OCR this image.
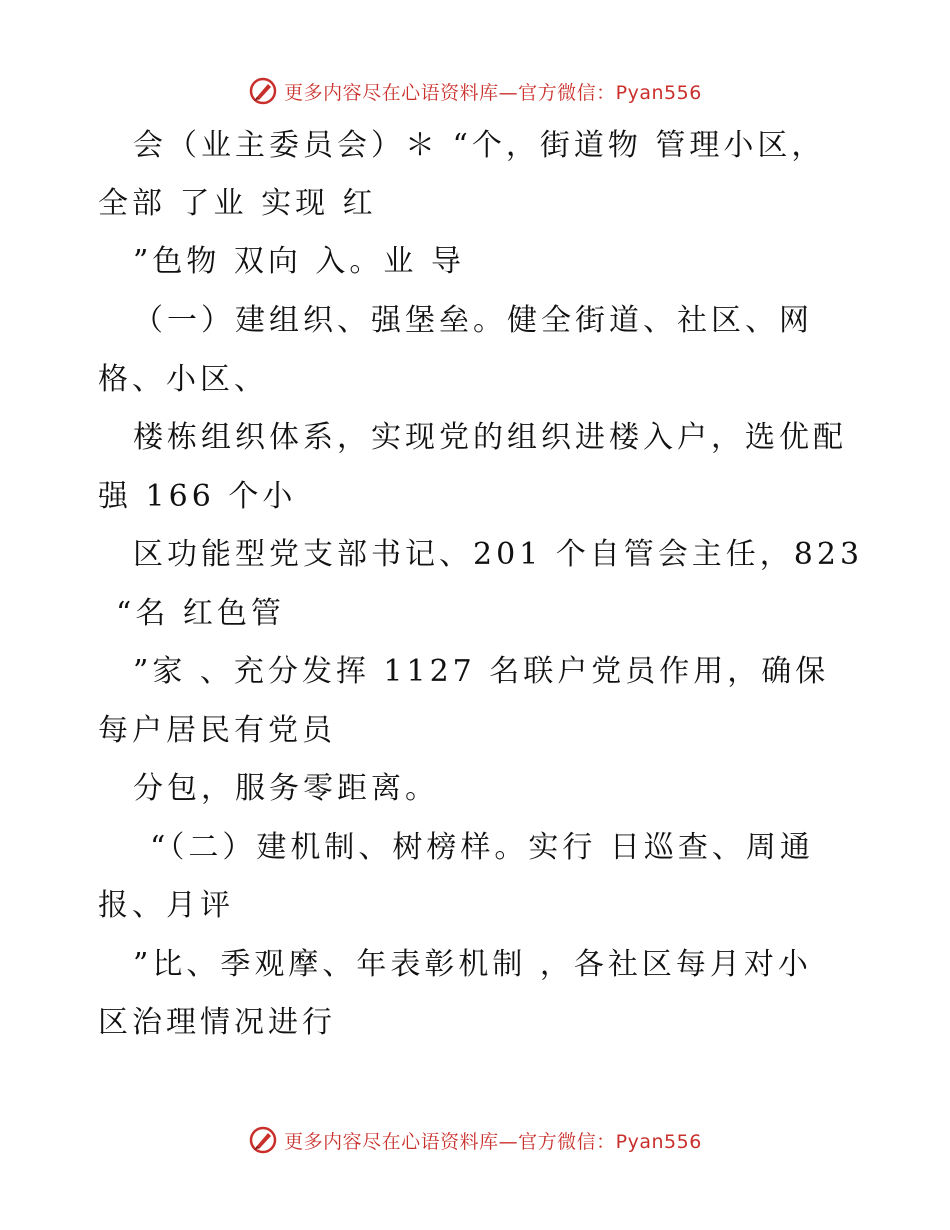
更多内容尽在心语资料库—官方微信：Pyan556
会（业主委员会）＊ “个，街道物 管理小区，
全部 了业 实现 红
”色物 双向 入。业 导
（一）建组织、强堡垒。健全街道、社区、网
格、小区、
楼栋组织体系，实现党的组织进楼入户，选优配
强 166 个小
区功能型党支部书记、201 个自管会主任，823
“名 红色管
”家 、充分发挥 1127 名联户党员作用，确保
每户居民有党员
分包，服务零距离。
“（二）建机制、树榜样。实行 日巡查、周通
报、月评
”比、季观摩、年表彰机制 ，各社区每月对小
区治理情况进行
更多内容尽在心语资料库—官方微信：Pyan556
